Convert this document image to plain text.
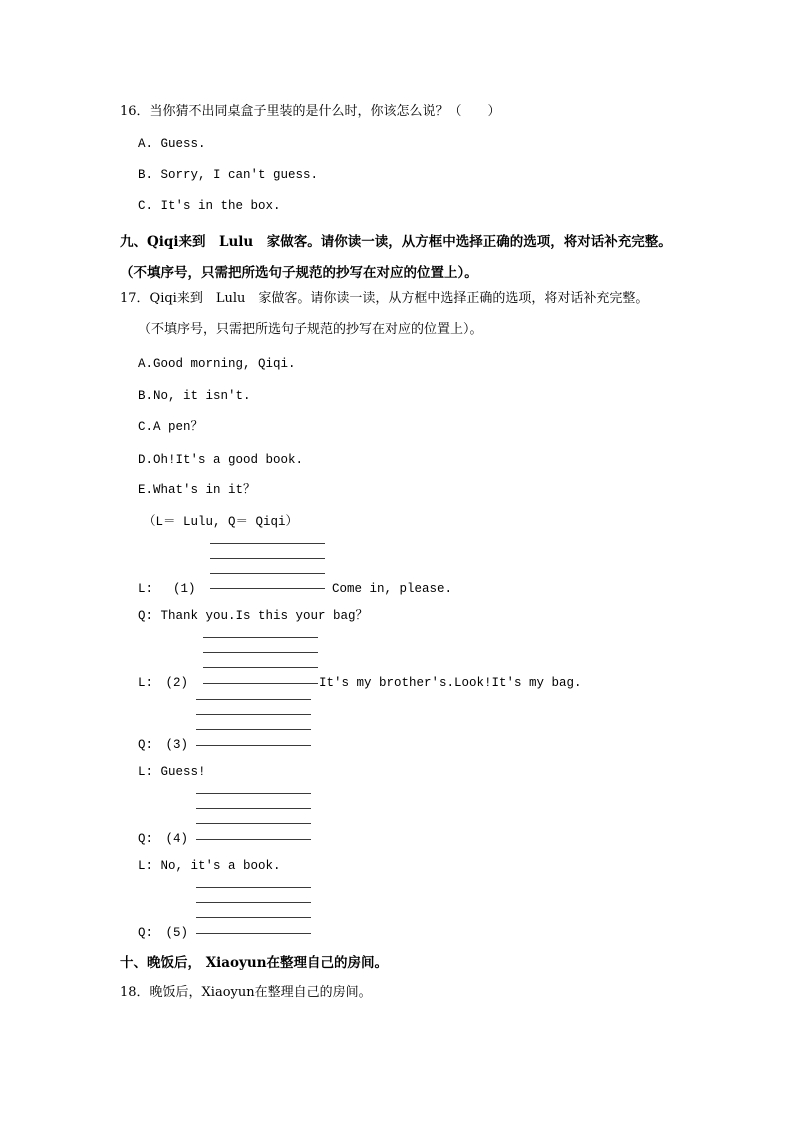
16．当你猜不出同桌盒子里装的是什么时，你该怎么说？（　　）
A. Guess.
B. Sorry, I can't guess.
C. It's in the box.
九、Qiqi来到　Lulu　家做客。请你读一读，从方框中选择正确的选项，将对话补充完整。
（不填序号，只需把所选句子规范的抄写在对应的位置上）。
17．Qiqi来到　Lulu　家做客。请你读一读，从方框中选择正确的选项，将对话补充完整。
（不填序号，只需把所选句子规范的抄写在对应的位置上）。
A.Good morning, Qiqi.
B.No, it isn't.
C.A pen？
D.Oh!It's a good book.
E.What's in it？
（L＝ Lulu, Q＝ Qiqi）
L:　 (1)	Come in, please.
Q: Thank you.Is this your bag？
L:　(2)	It's my brother's.Look!It's my bag.
Q:　(3)
L: Guess!
Q:　(4)
L: No, it's a book.
Q:　(5)
十、晚饭后， Xiaoyun在整理自己的房间。
18．晚饭后，Xiaoyun在整理自己的房间。
